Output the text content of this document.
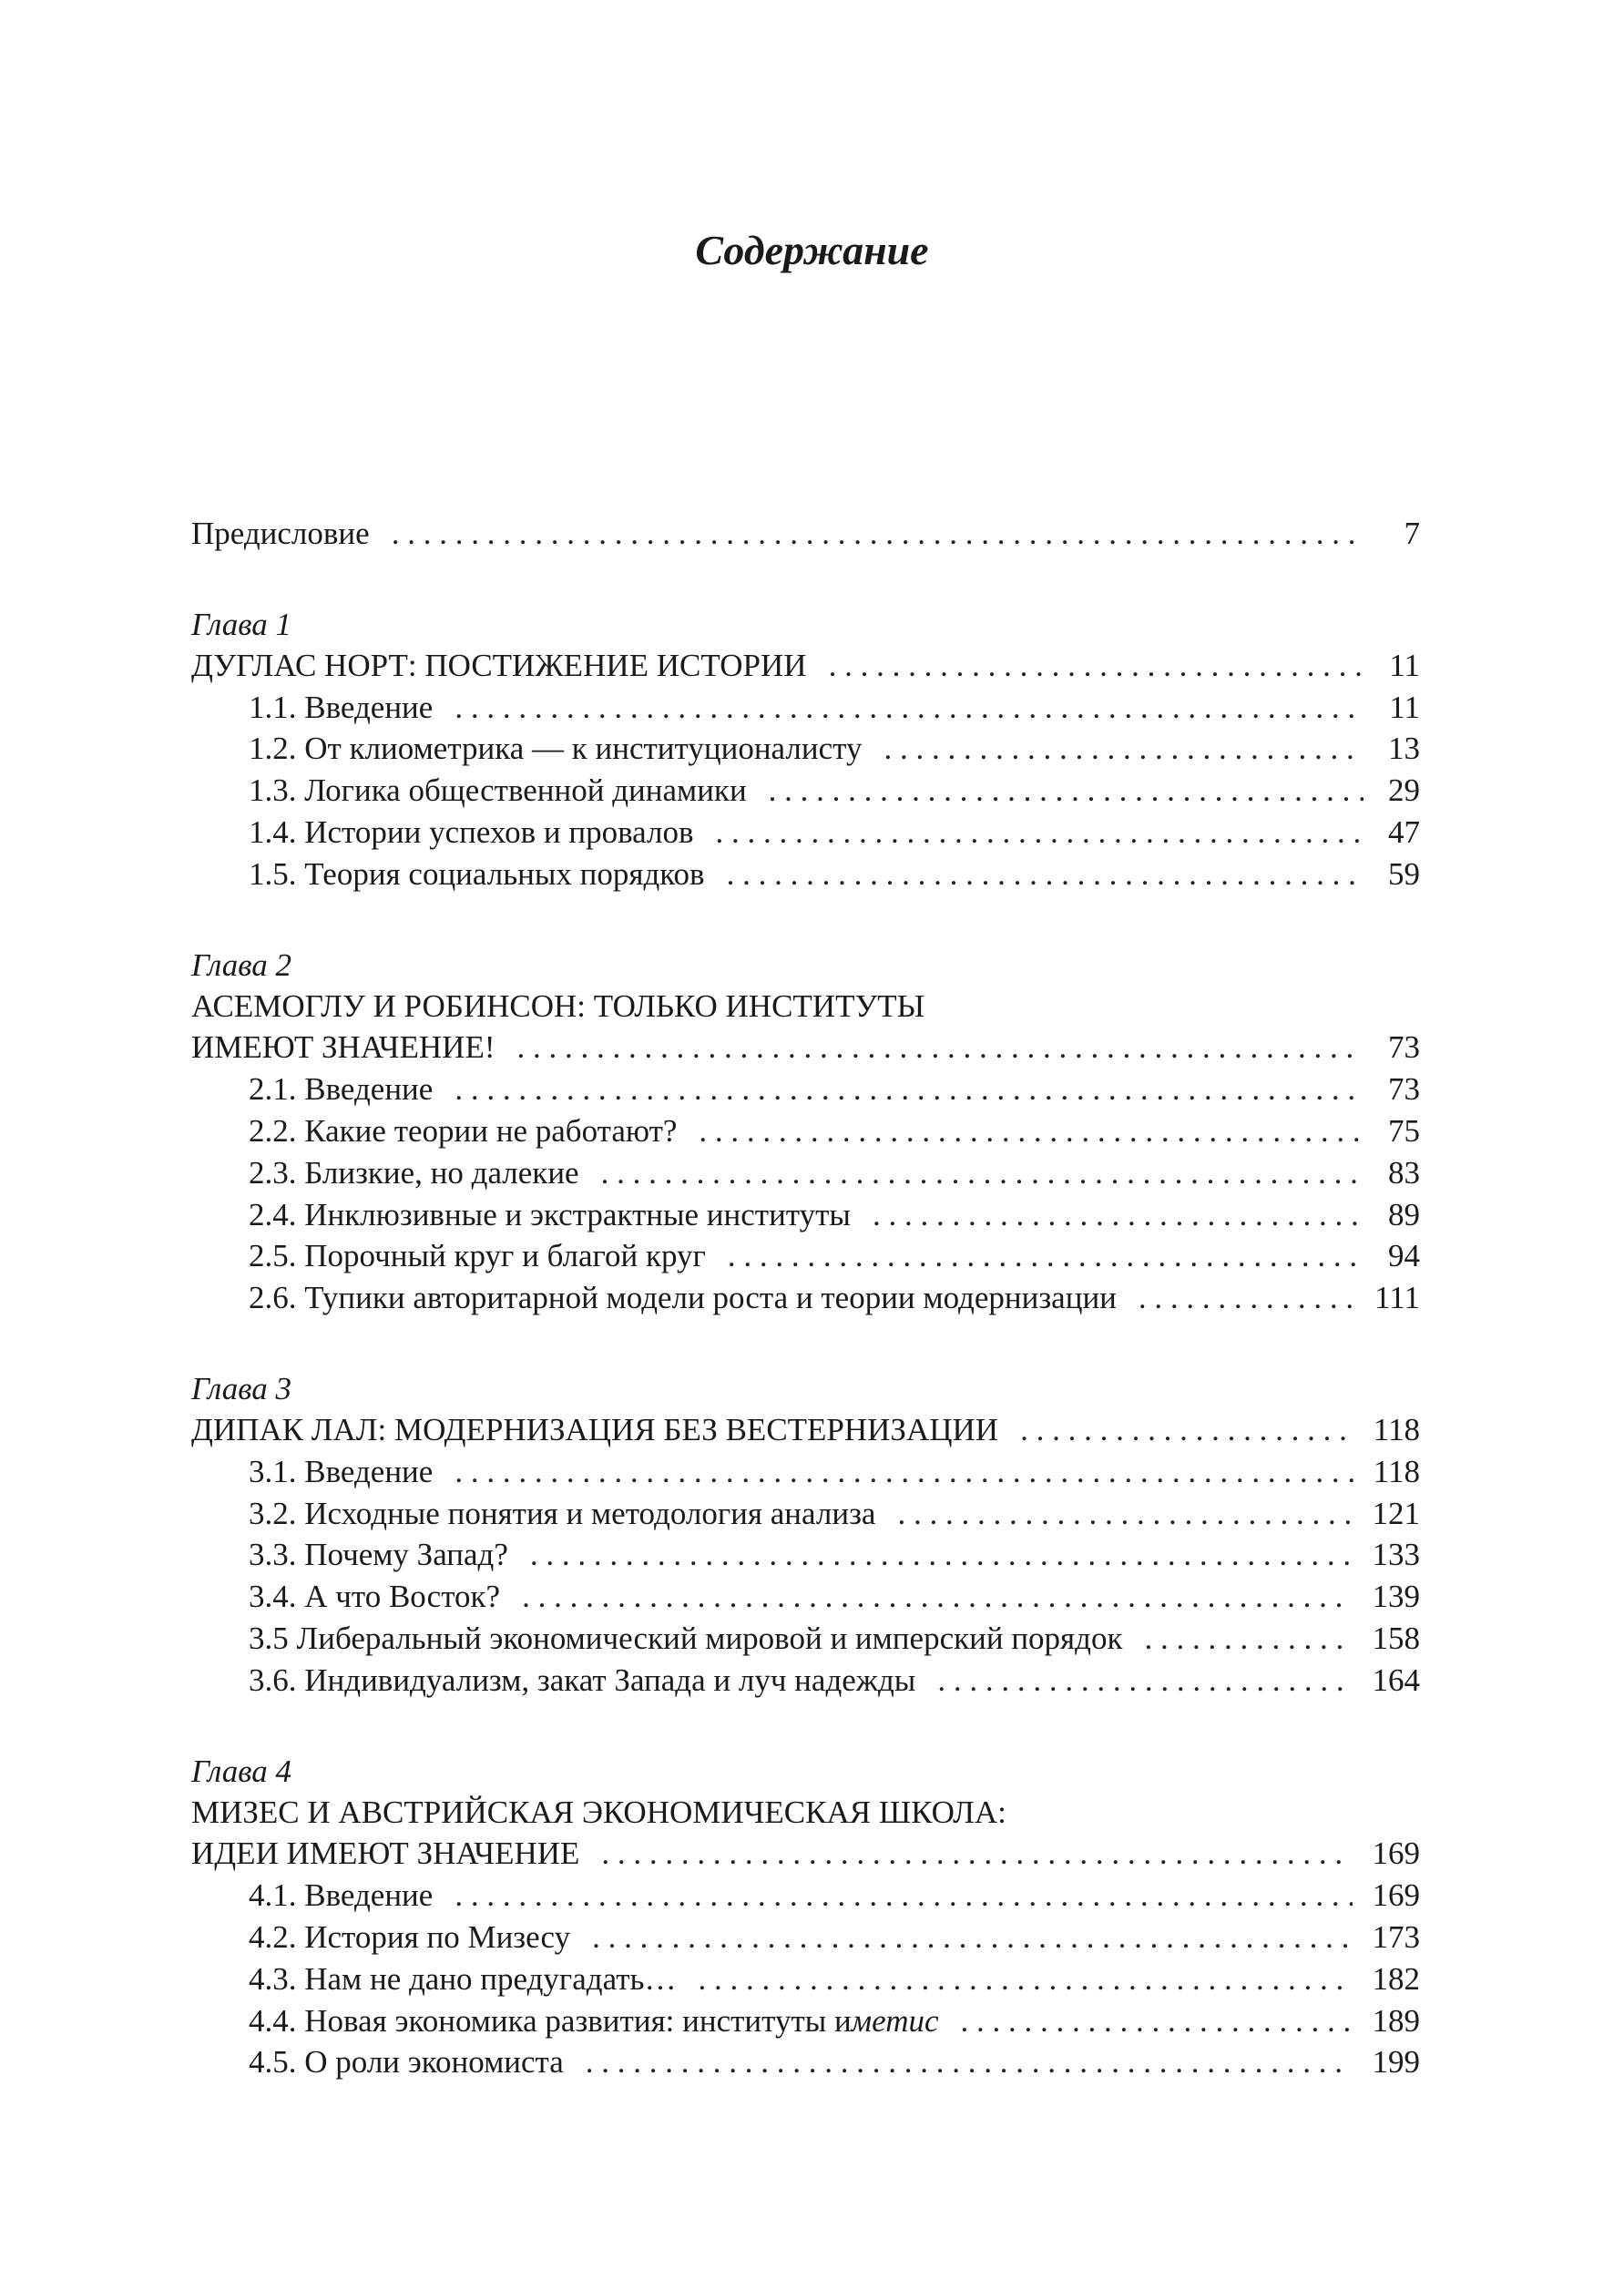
Содержание
Предисловие . . .	7
Глава 1
ДУГЛАС НОРТ: ПОСТИЖЕНИЕ ИСТОРИИ . . .	11
1.1. Введение . . .	11
1.2. От клиометрика — к институционалисту . . .	13
1.3. Логика общественной динамики . . .	29
1.4. Истории успехов и провалов . . .	47
1.5. Теория социальных порядков . . .	59
Глава 2
АСЕМОГЛУ И РОБИНСОН: ТОЛЬКО ИНСТИТУТЫ
ИМЕЮТ ЗНАЧЕНИЕ! . . .	73
2.1. Введение . . .	73
2.2. Какие теории не работают? . . .	75
2.3. Близкие, но далекие . . .	83
2.4. Инклюзивные и экстрактные институты . . .	89
2.5. Порочный круг и благой круг . . .	94
2.6. Тупики авторитарной модели роста и теории модернизации . . .	111
Глава 3
ДИПАК ЛАЛ: МОДЕРНИЗАЦИЯ БЕЗ ВЕСТЕРНИЗАЦИИ . . .	118
3.1. Введение . . .	118
3.2. Исходные понятия и методология анализа . . .	121
3.3. Почему Запад? . . .	133
3.4. А что Восток? . . .	139
3.5 Либеральный экономический мировой и имперский порядок . . .	158
3.6. Индивидуализм, закат Запада и луч надежды . . .	164
Глава 4
МИЗЕС И АВСТРИЙСКАЯ ЭКОНОМИЧЕСКАЯ ШКОЛА:
ИДЕИ ИМЕЮТ ЗНАЧЕНИЕ . . .	169
4.1. Введение . . .	169
4.2. История по Мизесу . . .	173
4.3. Нам не дано предугадать… . . .	182
4.4. Новая экономика развития: институты и метис . . .	189
4.5. О роли экономиста . . .	199
